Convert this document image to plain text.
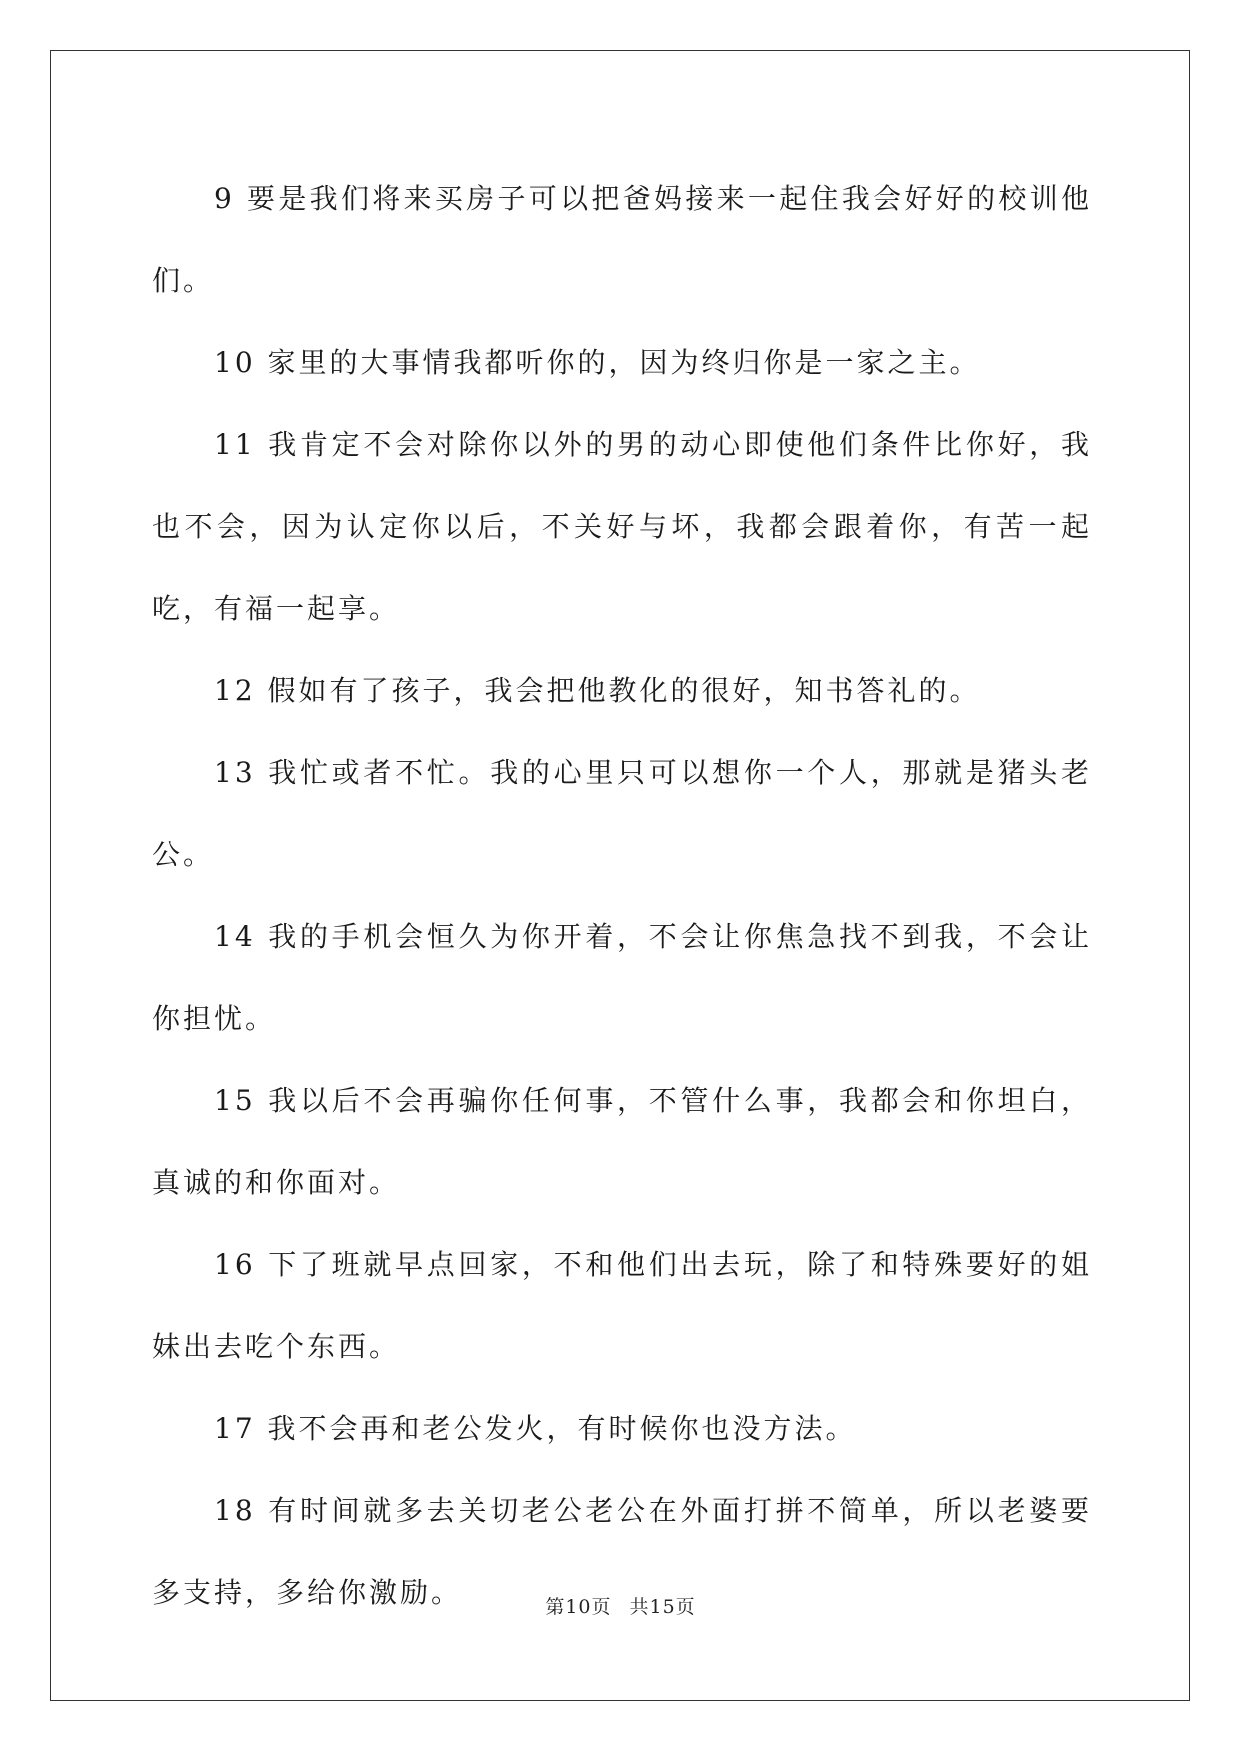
9 要是我们将来买房子可以把爸妈接来一起住我会好好的校训他们。

10 家里的大事情我都听你的，因为终归你是一家之主。

11 我肯定不会对除你以外的男的动心即使他们条件比你好，我也不会，因为认定你以后，不关好与坏，我都会跟着你，有苦一起吃，有福一起享。

12 假如有了孩子，我会把他教化的很好，知书答礼的。

13 我忙或者不忙。我的心里只可以想你一个人，那就是猪头老公。

14 我的手机会恒久为你开着，不会让你焦急找不到我，不会让你担忧。

15 我以后不会再骗你任何事，不管什么事，我都会和你坦白，真诚的和你面对。

16 下了班就早点回家，不和他们出去玩，除了和特殊要好的姐妹出去吃个东西。

17 我不会再和老公发火，有时候你也没方法。

18 有时间就多去关切老公老公在外面打拼不简单，所以老婆要多支持，多给你激励。	第10页 共15页
